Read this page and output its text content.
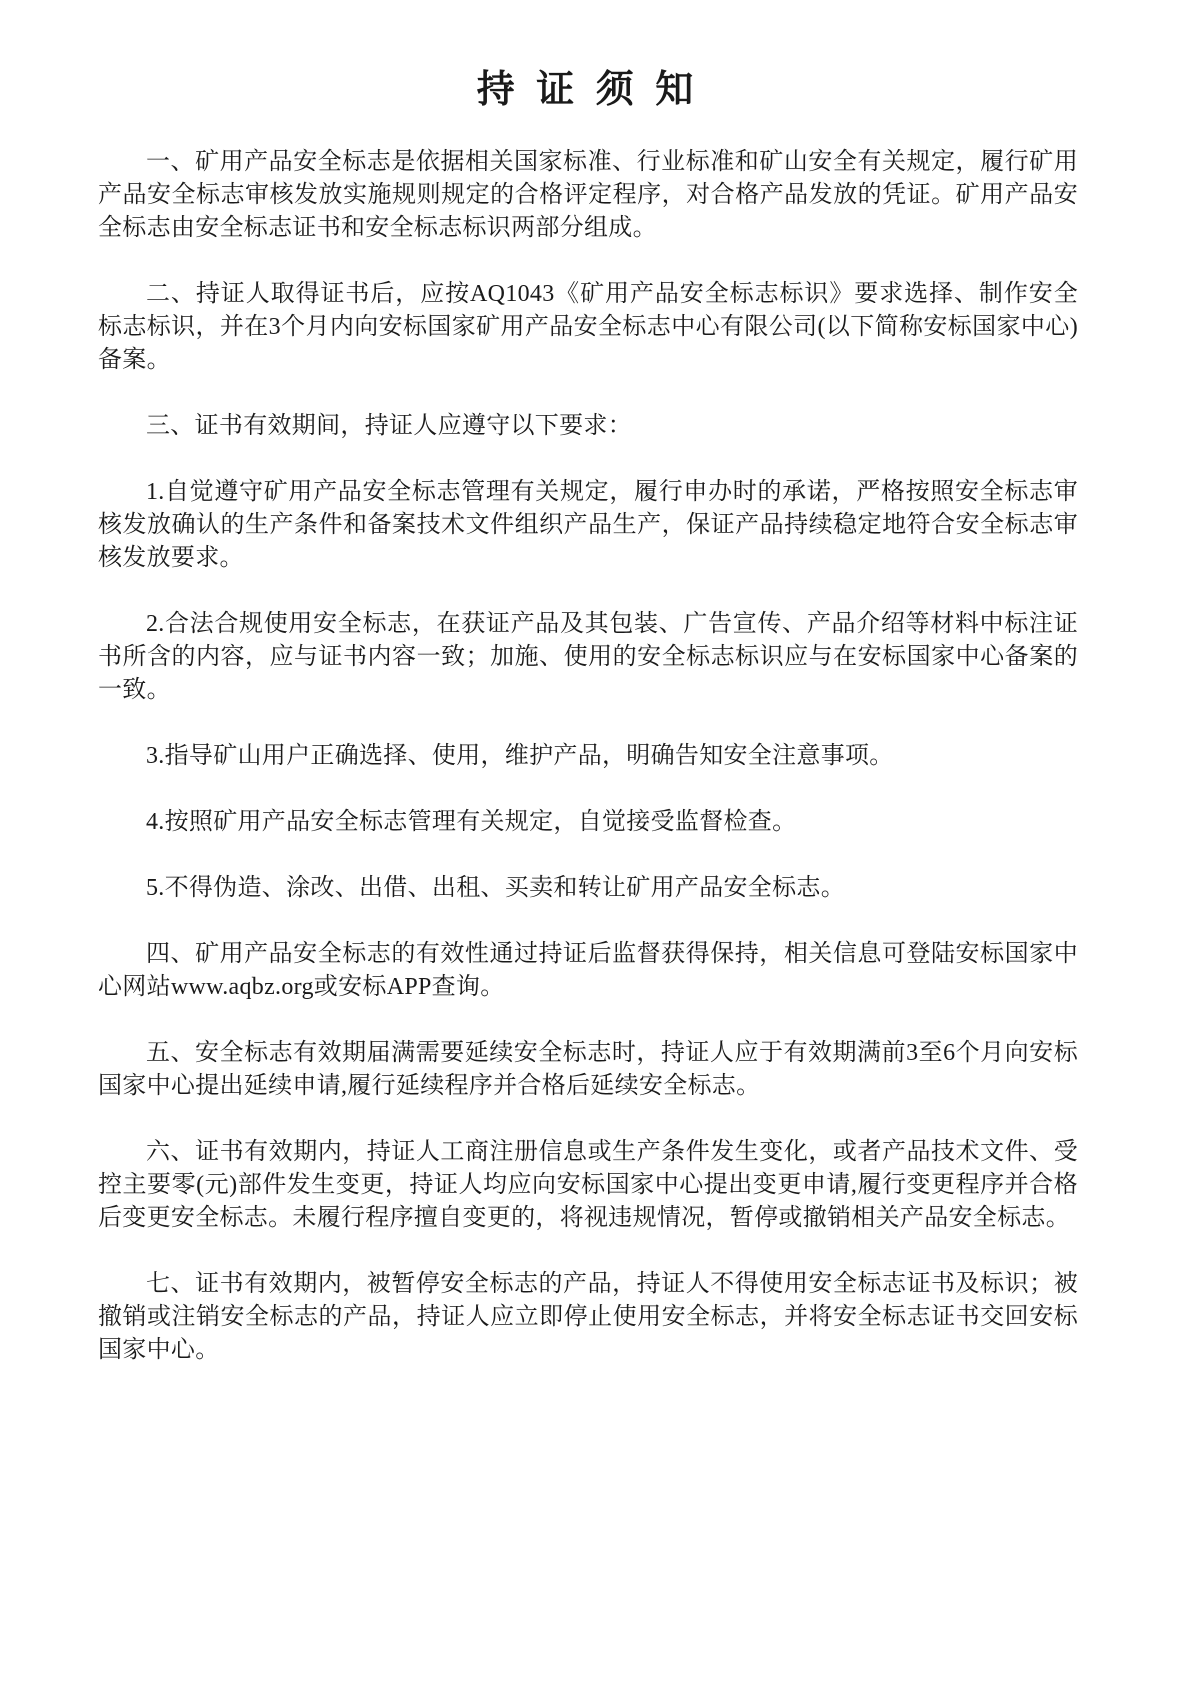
持 证 须 知

一、矿用产品安全标志是依据相关国家标准、行业标准和矿山安全有关规定，履行矿用产品安全标志审核发放实施规则规定的合格评定程序，对合格产品发放的凭证。矿用产品安全标志由安全标志证书和安全标志标识两部分组成。

二、持证人取得证书后，应按AQ1043《矿用产品安全标志标识》要求选择、制作安全标志标识，并在3个月内向安标国家矿用产品安全标志中心有限公司(以下简称安标国家中心)备案。

三、证书有效期间，持证人应遵守以下要求：

1.自觉遵守矿用产品安全标志管理有关规定，履行申办时的承诺，严格按照安全标志审核发放确认的生产条件和备案技术文件组织产品生产，保证产品持续稳定地符合安全标志审核发放要求。

2.合法合规使用安全标志，在获证产品及其包装、广告宣传、产品介绍等材料中标注证书所含的内容，应与证书内容一致；加施、使用的安全标志标识应与在安标国家中心备案的一致。

3.指导矿山用户正确选择、使用，维护产品，明确告知安全注意事项。

4.按照矿用产品安全标志管理有关规定，自觉接受监督检查。

5.不得伪造、涂改、出借、出租、买卖和转让矿用产品安全标志。

四、矿用产品安全标志的有效性通过持证后监督获得保持，相关信息可登陆安标国家中心网站www.aqbz.org或安标APP查询。

五、安全标志有效期届满需要延续安全标志时，持证人应于有效期满前3至6个月向安标国家中心提出延续申请,履行延续程序并合格后延续安全标志。

六、证书有效期内，持证人工商注册信息或生产条件发生变化，或者产品技术文件、受控主要零(元)部件发生变更，持证人均应向安标国家中心提出变更申请,履行变更程序并合格后变更安全标志。未履行程序擅自变更的，将视违规情况，暂停或撤销相关产品安全标志。

七、证书有效期内，被暂停安全标志的产品，持证人不得使用安全标志证书及标识；被撤销或注销安全标志的产品，持证人应立即停止使用安全标志，并将安全标志证书交回安标国家中心。
